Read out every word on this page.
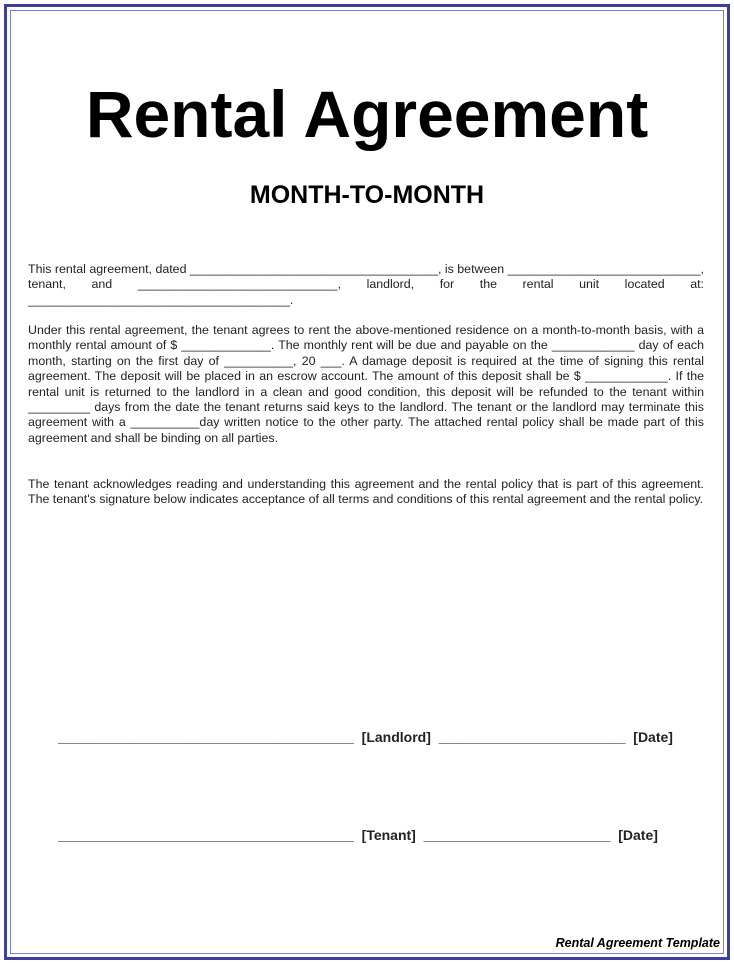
Rental Agreement
MONTH-TO-MONTH

This rental agreement, dated ____________________________________, is between ____________________________, tenant, and _____________________________, landlord, for the rental unit located at: ______________________________________.

Under this rental agreement, the tenant agrees to rent the above-mentioned residence on a month-to-month basis, with a monthly rental amount of $ _____________. The monthly rent will be due and payable on the ____________ day of each month, starting on the first day of __________, 20 ___. A damage deposit is required at the time of signing this rental agreement. The deposit will be placed in an escrow account. The amount of this deposit shall be $ ____________. If the rental unit is returned to the landlord in a clean and good condition, this deposit will be refunded to the tenant within _________ days from the date the tenant returns said keys to the landlord. The tenant or the landlord may terminate this agreement with a __________day written notice to the other party. The attached rental policy shall be made part of this agreement and shall be binding on all parties.

The tenant acknowledges reading and understanding this agreement and the rental policy that is part of this agreement. The tenant's signature below indicates acceptance of all terms and conditions of this rental agreement and the rental policy.

______________________________________  [Landlord]  ________________________  [Date]
______________________________________  [Tenant]  ________________________  [Date]
Rental Agreement Template
